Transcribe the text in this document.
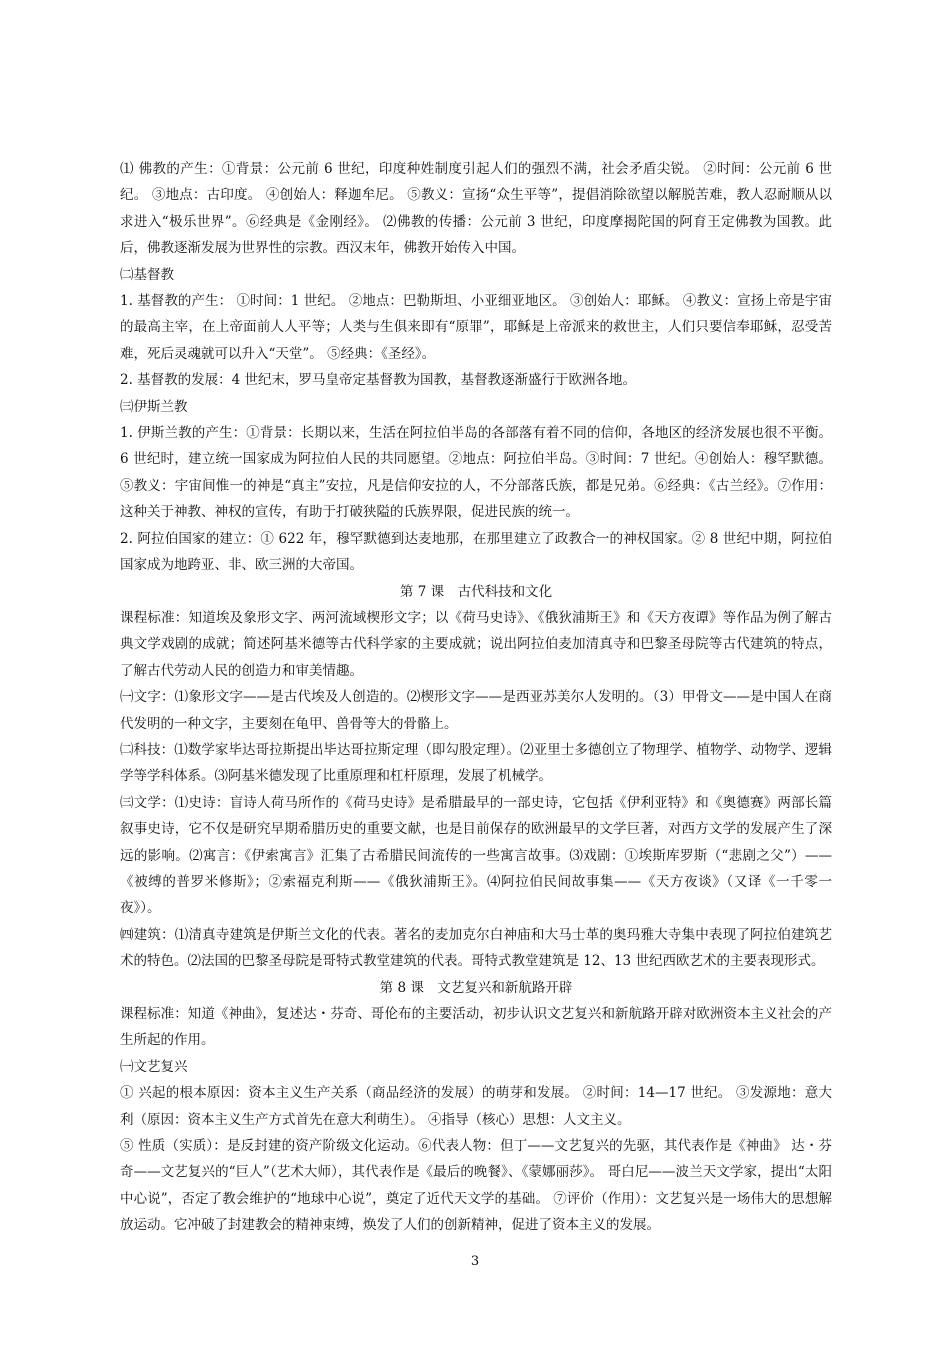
⑴ 佛教的产生：①背景：公元前 6 世纪，印度种姓制度引起人们的强烈不满，社会矛盾尖锐。 ②时间：公元前 6 世纪。 ③地点：古印度。 ④创始人：释迦牟尼。 ⑤教义：宣扬“众生平等”，提倡消除欲望以解脱苦难，教人忍耐顺从以求进入“极乐世界”。⑥经典是《金刚经》。 ⑵佛教的传播：公元前 3 世纪，印度摩揭陀国的阿育王定佛教为国教。此后，佛教逐渐发展为世界性的宗教。西汉末年，佛教开始传入中国。

㈡基督教

1. 基督教的产生： ①时间：1 世纪。 ②地点：巴勒斯坦、小亚细亚地区。 ③创始人：耶稣。 ④教义：宣扬上帝是宇宙的最高主宰，在上帝面前人人平等；人类与生俱来即有“原罪”，耶稣是上帝派来的救世主，人们只要信奉耶稣，忍受苦难，死后灵魂就可以升入“天堂”。 ⑤经典：《圣经》。

2. 基督教的发展：4 世纪末，罗马皇帝定基督教为国教，基督教逐渐盛行于欧洲各地。

㈢伊斯兰教

1. 伊斯兰教的产生：①背景：长期以来，生活在阿拉伯半岛的各部落有着不同的信仰，各地区的经济发展也很不平衡。6 世纪时，建立统一国家成为阿拉伯人民的共同愿望。②地点：阿拉伯半岛。③时间：7 世纪。④创始人：穆罕默德。⑤教义：宇宙间惟一的神是“真主”安拉，凡是信仰安拉的人，不分部落氏族，都是兄弟。⑥经典：《古兰经》。⑦作用：这种关于神教、神权的宣传，有助于打破狭隘的氏族界限，促进民族的统一。

2. 阿拉伯国家的建立：① 622 年，穆罕默德到达麦地那，在那里建立了政教合一的神权国家。② 8 世纪中期，阿拉伯国家成为地跨亚、非、欧三洲的大帝国。

第 7 课　古代科技和文化

课程标准：知道埃及象形文字、两河流域楔形文字；以《荷马史诗》、《俄狄浦斯王》和《天方夜谭》等作品为例了解古典文学戏剧的成就；简述阿基米德等古代科学家的主要成就；说出阿拉伯麦加清真寺和巴黎圣母院等古代建筑的特点，了解古代劳动人民的创造力和审美情趣。

㈠文字：⑴象形文字——是古代埃及人创造的。⑵楔形文字——是西亚苏美尔人发明的。（3）甲骨文——是中国人在商代发明的一种文字，主要刻在龟甲、兽骨等大的骨骼上。

㈡科技：⑴数学家毕达哥拉斯提出毕达哥拉斯定理（即勾股定理）。⑵亚里士多德创立了物理学、植物学、动物学、逻辑学等学科体系。⑶阿基米德发现了比重原理和杠杆原理，发展了机械学。

㈢文学：⑴史诗：盲诗人荷马所作的《荷马史诗》是希腊最早的一部史诗，它包括《伊利亚特》和《奥德赛》两部长篇叙事史诗，它不仅是研究早期希腊历史的重要文献，也是目前保存的欧洲最早的文学巨著，对西方文学的发展产生了深远的影响。⑵寓言：《伊索寓言》汇集了古希腊民间流传的一些寓言故事。⑶戏剧：①埃斯库罗斯（“悲剧之父”）——《被缚的普罗米修斯》；②索福克利斯——《俄狄浦斯王》。⑷阿拉伯民间故事集——《天方夜谈》（又译《一千零一夜》）。

㈣建筑：⑴清真寺建筑是伊斯兰文化的代表。著名的麦加克尔白神庙和大马士革的奥玛雅大寺集中表现了阿拉伯建筑艺术的特色。⑵法国的巴黎圣母院是哥特式教堂建筑的代表。哥特式教堂建筑是 12、13 世纪西欧艺术的主要表现形式。

第 8 课　文艺复兴和新航路开辟

课程标准：知道《神曲》，复述达・芬奇、哥伦布的主要活动，初步认识文艺复兴和新航路开辟对欧洲资本主义社会的产生所起的作用。

㈠文艺复兴

① 兴起的根本原因：资本主义生产关系（商品经济的发展）的萌芽和发展。 ②时间：14—17 世纪。 ③发源地：意大利（原因：资本主义生产方式首先在意大利萌生）。 ④指导（核心）思想：人文主义。

⑤ 性质（实质）：是反封建的资产阶级文化运动。⑥代表人物：但丁——文艺复兴的先驱，其代表作是《神曲》 达・芬奇——文艺复兴的“巨人”（艺术大师），其代表作是《最后的晚餐》、《蒙娜丽莎》。 哥白尼——波兰天文学家，提出“太阳中心说”，否定了教会维护的“地球中心说”，奠定了近代天文学的基础。 ⑦评价（作用）：文艺复兴是一场伟大的思想解放运动。它冲破了封建教会的精神束缚，焕发了人们的创新精神，促进了资本主义的发展。

3
